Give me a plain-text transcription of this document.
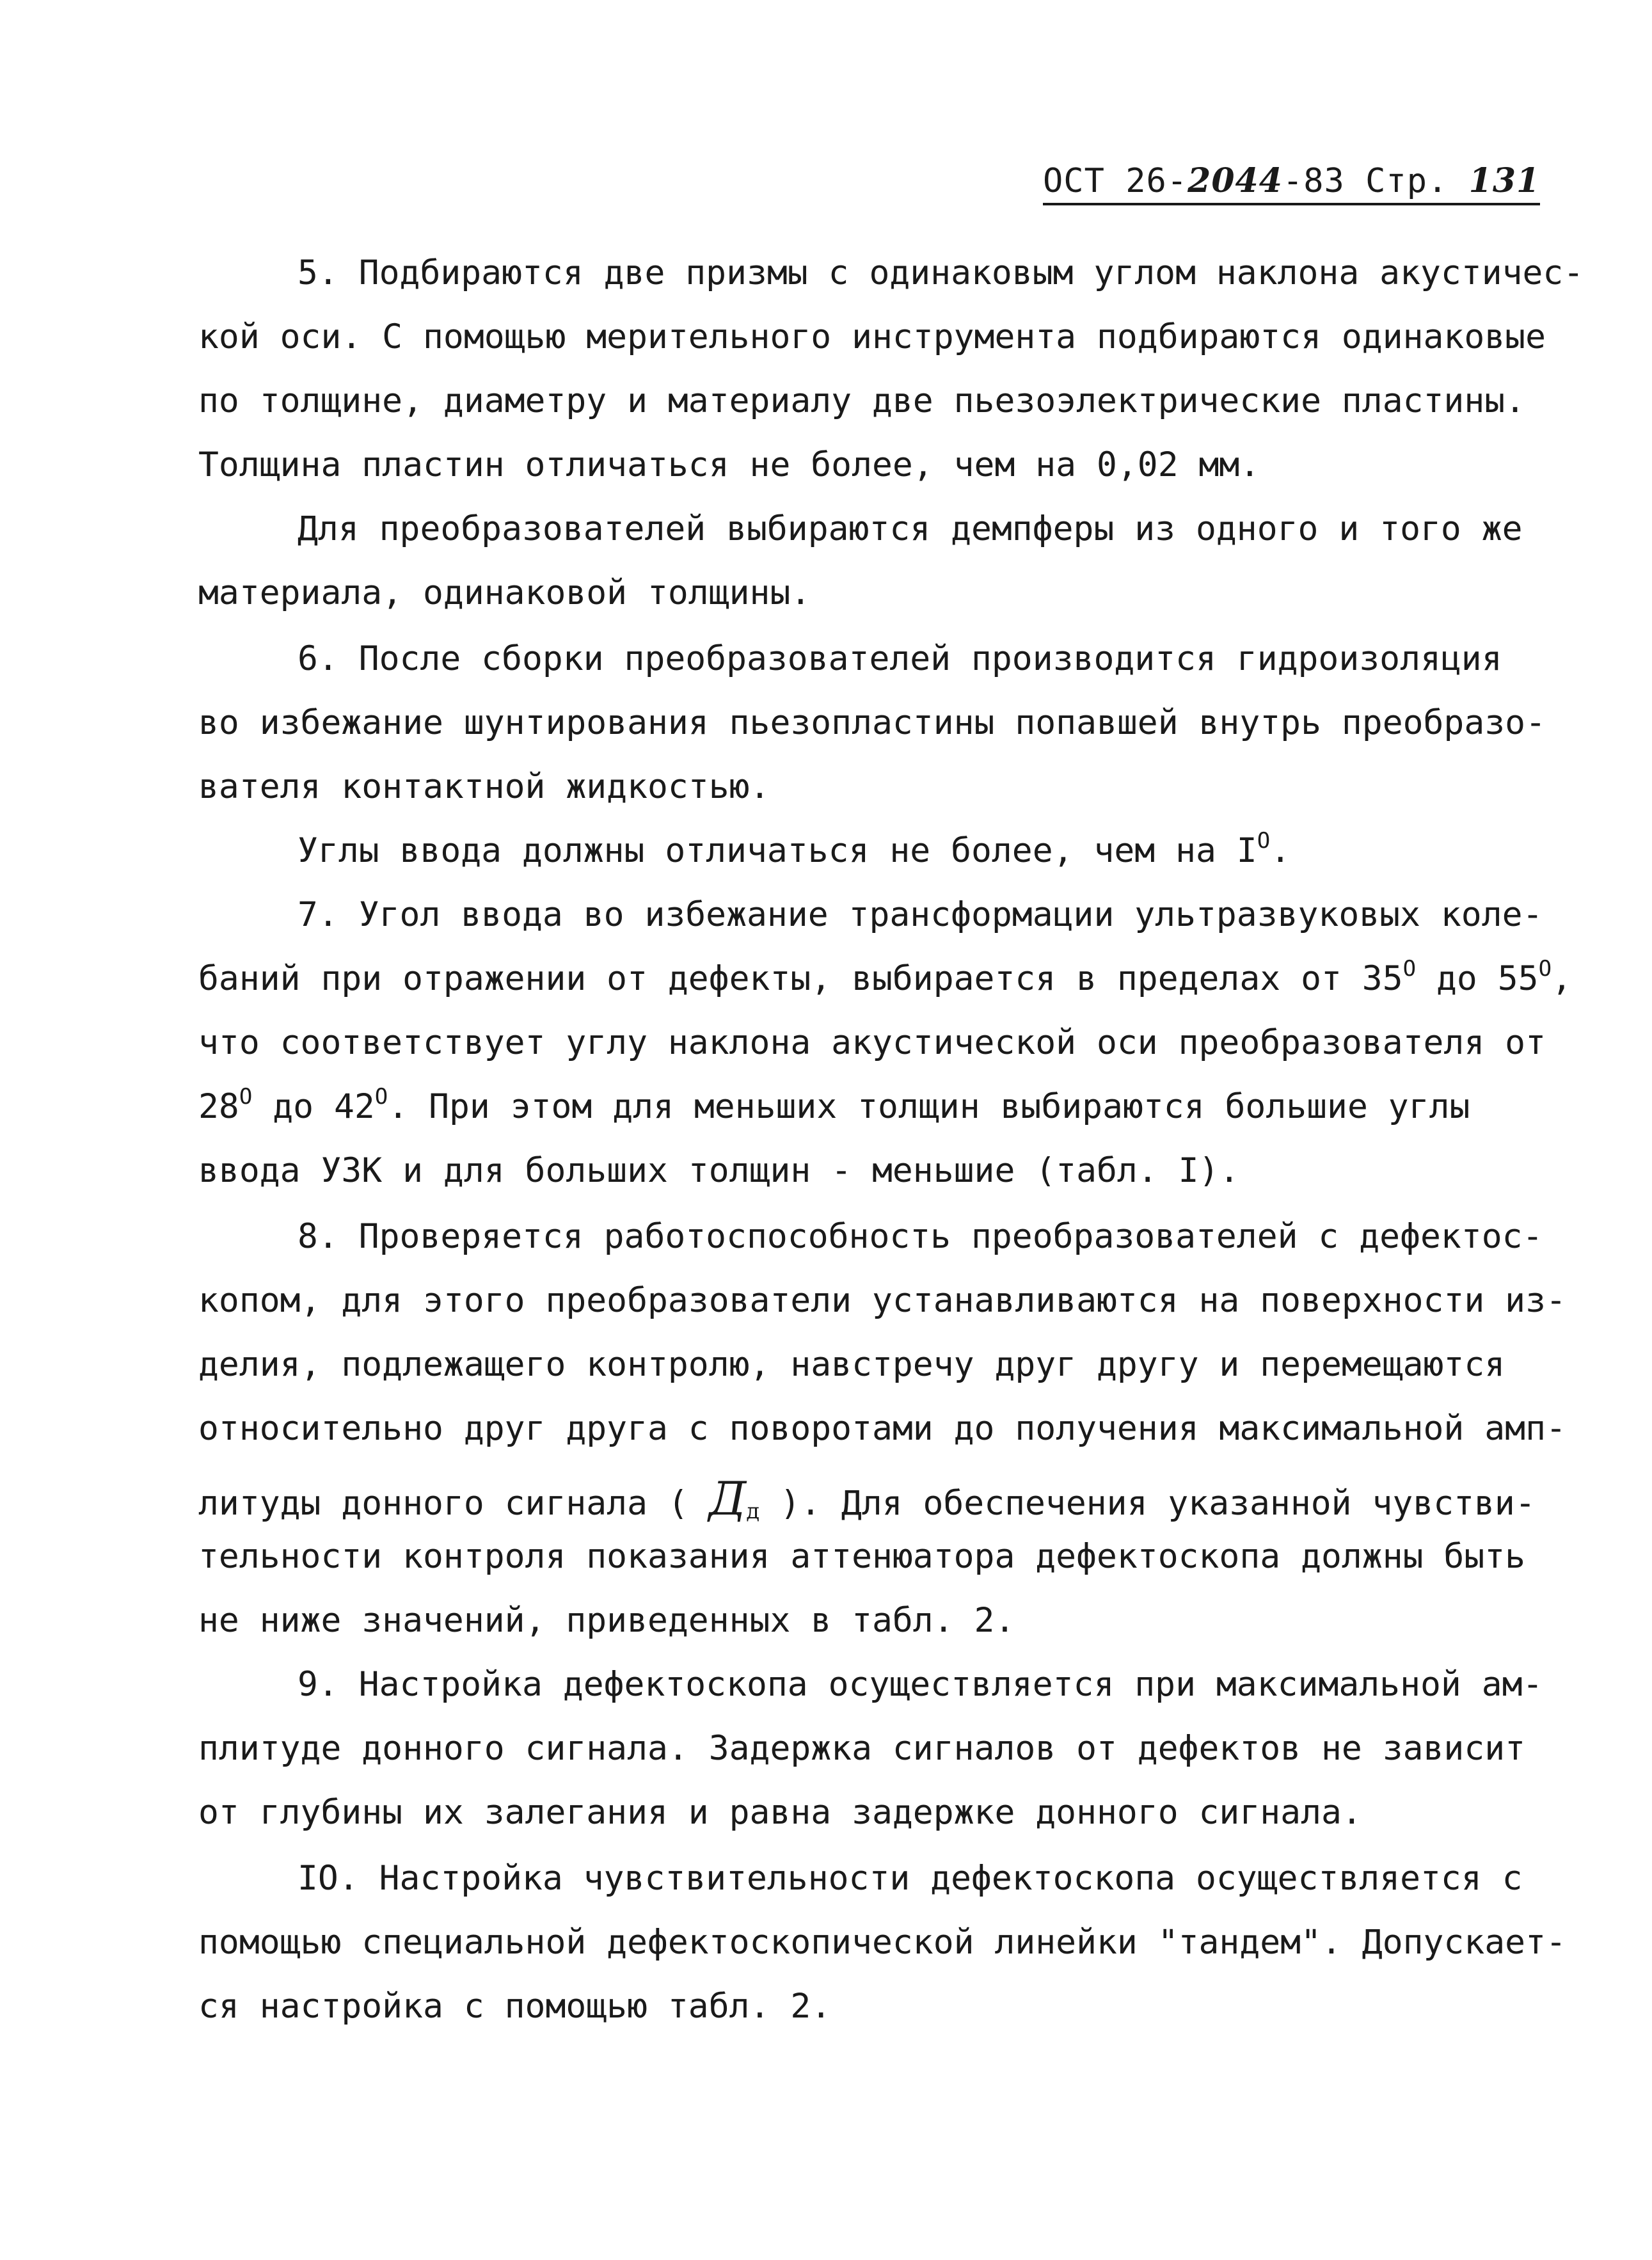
ОСТ 26-2044-83 Стр. 131
5. Подбираются две призмы с одинаковым углом наклона акустичес-
кой оси. С помощью мерительного инструмента подбираются одинаковые
по толщине, диаметру и материалу две пьезоэлектрические пластины.
Толщина пластин отличаться не более, чем на 0,02 мм.
Для преобразователей выбираются демпферы из одного и того же
материала, одинаковой толщины.
6. После сборки преобразователей производится гидроизоляция
во избежание шунтирования пьезопластины попавшей внутрь преобразо-
вателя контактной жидкостью.
Углы ввода должны отличаться не более, чем на $I^O$.
7. Угол ввода во избежание трансформации ультразвуковых коле-
баний при отражении от дефекты, выбирается в пределах от $35^O$ до $55^O$,
что соответствует углу наклона акустической оси преобразователя от
$28^O$ до $42^O$. При этом для меньших толщин выбираются большие углы
ввода УЗК и для больших толщин - меньшие (табл. I).
8. Проверяется работоспособность преобразователей с дефектос-
копом, для этого преобразователи устанавливаются на поверхности из-
делия, подлежащего контролю, навстречу друг другу и перемещаются
относительно друг друга с поворотами до получения максимальной амп-
литуды донного сигнала ( $Д_д$ ). Для обеспечения указанной чувстви-
тельности контроля показания аттенюатора дефектоскопа должны быть
не ниже значений, приведенных в табл. 2.
9. Настройка дефектоскопа осуществляется при максимальной ам-
плитуде донного сигнала. Задержка сигналов от дефектов не зависит
от глубины их залегания и равна задержке донного сигнала.
IO. Настройка чувствительности дефектоскопа осуществляется с
помощью специальной дефектоскопической линейки "тандем". Допускает-
ся настройка с помощью табл. 2.
